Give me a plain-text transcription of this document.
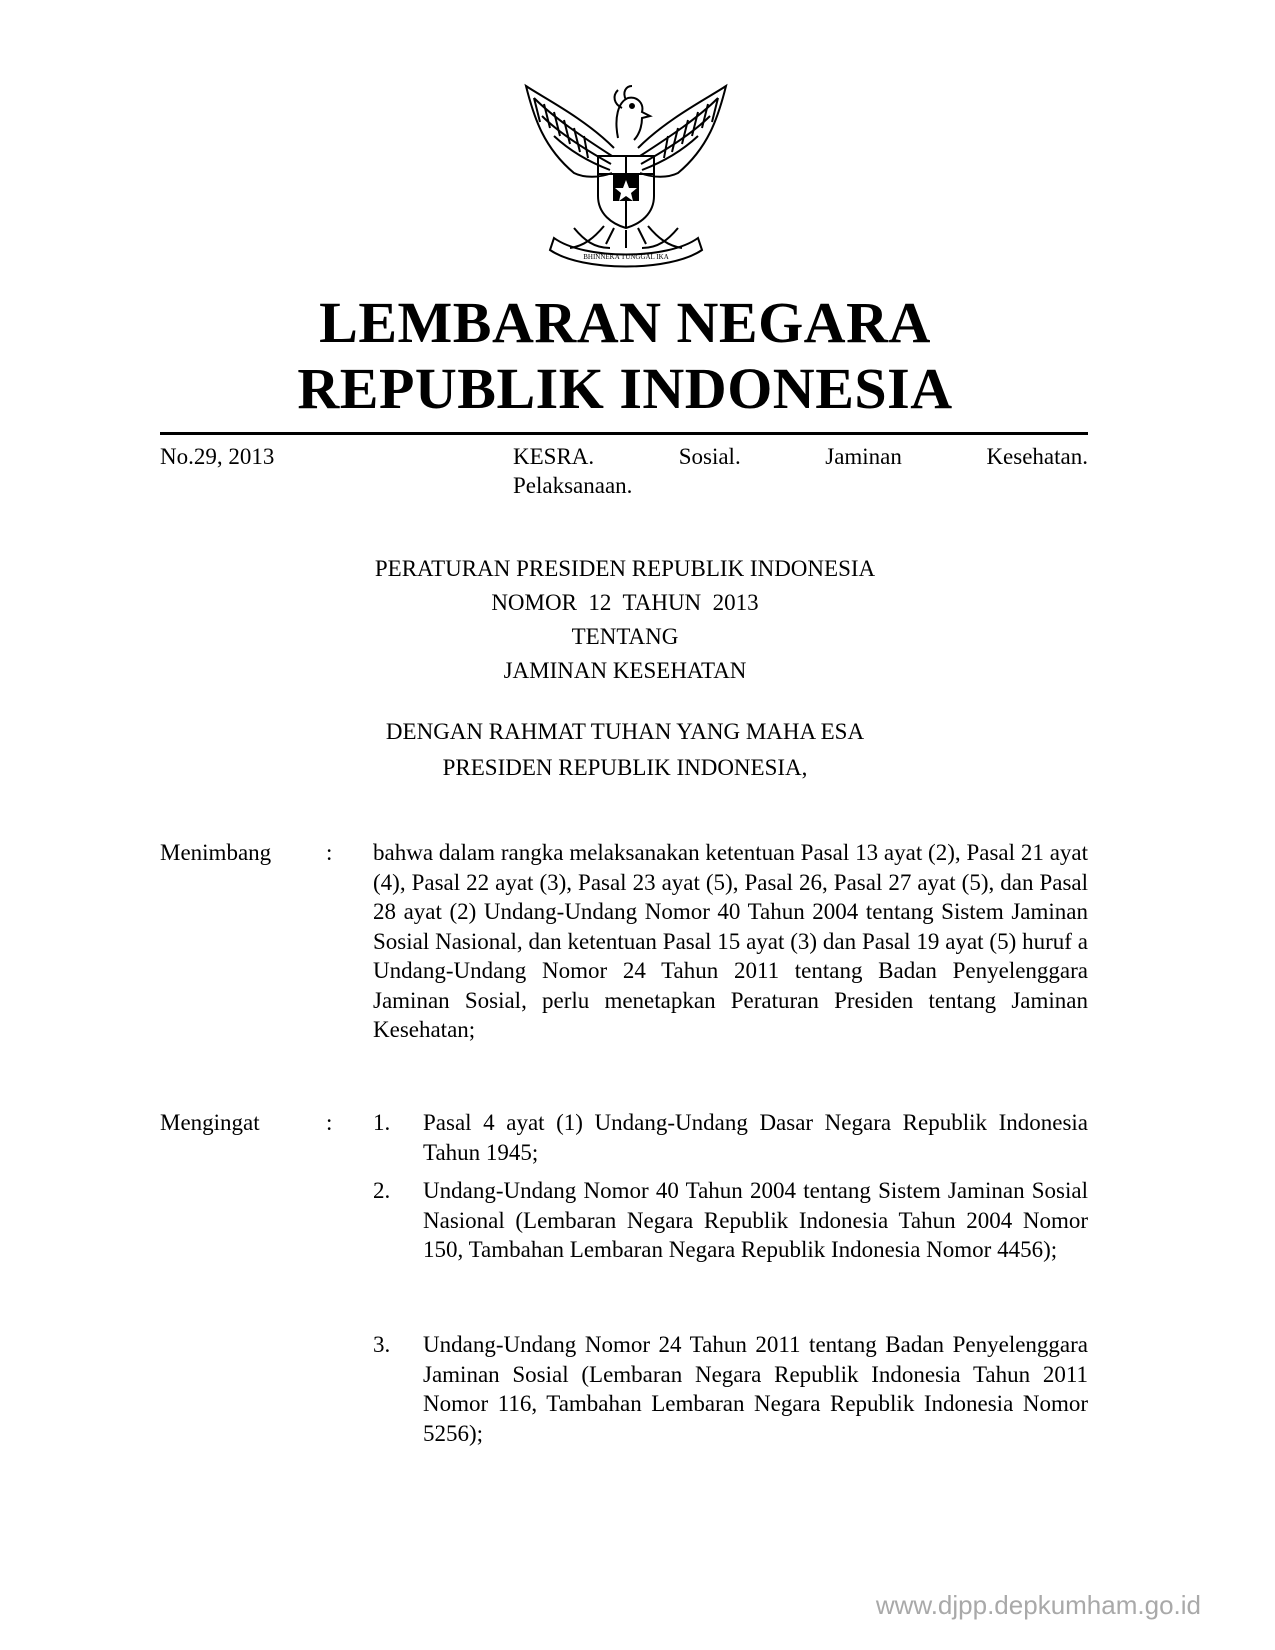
BHINNEKA TUNGGAL IKA
LEMBARAN NEGARA
REPUBLIK INDONESIA
No.29, 2013	KESRA. Sosial. Jaminan Kesehatan.
Pelaksanaan.
PERATURAN PRESIDEN REPUBLIK INDONESIA
NOMOR  12  TAHUN  2013
TENTANG
JAMINAN KESEHATAN
DENGAN RAHMAT TUHAN YANG MAHA ESA
PRESIDEN REPUBLIK INDONESIA,
Menimbang : bahwa dalam rangka melaksanakan ketentuan Pasal 13 ayat (2), Pasal 21 ayat (4), Pasal 22 ayat (3), Pasal 23 ayat (5), Pasal 26, Pasal 27 ayat (5), dan Pasal 28 ayat (2) Undang-Undang Nomor 40 Tahun 2004 tentang Sistem Jaminan Sosial Nasional, dan ketentuan Pasal 15 ayat (3) dan Pasal 19 ayat (5) huruf a Undang-Undang Nomor 24 Tahun 2011 tentang Badan Penyelenggara Jaminan Sosial, perlu menetapkan Peraturan Presiden tentang Jaminan Kesehatan;
Mengingat	: 1. Pasal 4 ayat (1) Undang-Undang Dasar Negara Republik Indonesia Tahun 1945;
2. Undang-Undang Nomor 40 Tahun 2004 tentang Sistem Jaminan Sosial Nasional (Lembaran Negara Republik Indonesia Tahun 2004 Nomor 150, Tambahan Lembaran Negara Republik Indonesia Nomor 4456);
3. Undang-Undang Nomor 24 Tahun 2011 tentang Badan Penyelenggara Jaminan Sosial (Lembaran Negara Republik Indonesia Tahun 2011 Nomor 116, Tambahan Lembaran Negara Republik Indonesia Nomor 5256);
www.djpp.depkumham.go.id
